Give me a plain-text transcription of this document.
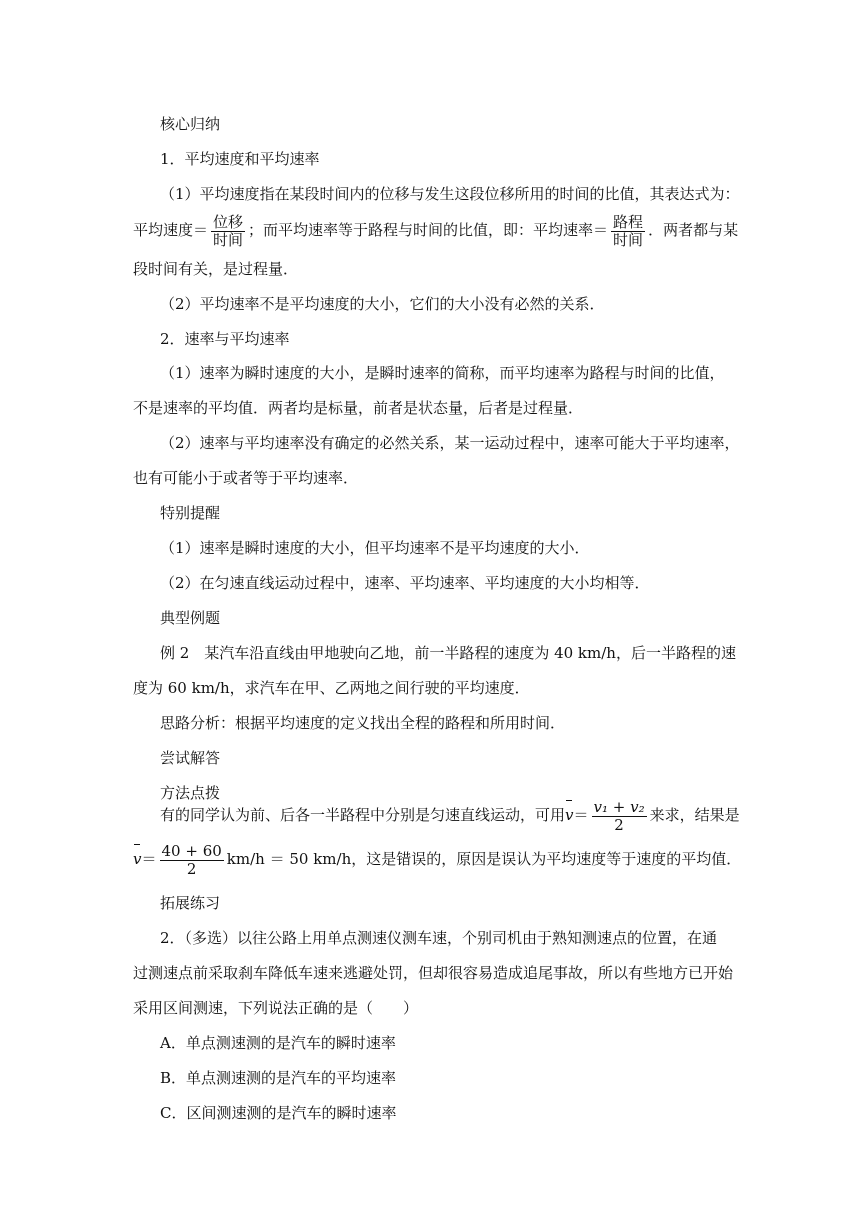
核心归纳
1．平均速度和平均速率
（1）平均速度指在某段时间内的位移与发生这段位移所用的时间的比值，其表达式为：
平均速度＝ $\frac{\text{位移}}{\text{时间}}$ ；而平均速率等于路程与时间的比值，即：平均速率＝ $\frac{\text{路程}}{\text{时间}}$ ．两者都与某
段时间有关，是过程量．
（2）平均速率不是平均速度的大小，它们的大小没有必然的关系．
2．速率与平均速率
（1）速率为瞬时速度的大小，是瞬时速率的简称，而平均速率为路程与时间的比值，
不是速率的平均值．两者均是标量，前者是状态量，后者是过程量．
（2）速率与平均速率没有确定的必然关系，某一运动过程中，速率可能大于平均速率，
也有可能小于或者等于平均速率．
特别提醒
（1）速率是瞬时速度的大小，但平均速率不是平均速度的大小．
（2）在匀速直线运动过程中，速率、平均速率、平均速度的大小均相等．
典型例题
例 2　某汽车沿直线由甲地驶向乙地，前一半路程的速度为 40 km/h，后一半路程的速
度为 60 km/h，求汽车在甲、乙两地之间行驶的平均速度．
思路分析：根据平均速度的定义找出全程的路程和所用时间．
尝试解答
方法点拨
有的同学认为前、后各一半路程中分别是匀速直线运动，可用$v= \frac{\text{v₁ + v₂}}{2}$ 来求，结果是
$v= \frac{40 + 60}{2} km/h = 50$ km/h，这是错误的，原因是误认为平均速度等于速度的平均值．
拓展练习
2．（多选）以往公路上用单点测速仪测车速，个别司机由于熟知测速点的位置，在通
过测速点前采取刹车降低车速来逃避处罚，但却很容易造成追尾事故，所以有些地方已开始
采用区间测速，下列说法正确的是（　　）
A．单点测速测的是汽车的瞬时速率
B．单点测速测的是汽车的平均速率
C．区间测速测的是汽车的瞬时速率
